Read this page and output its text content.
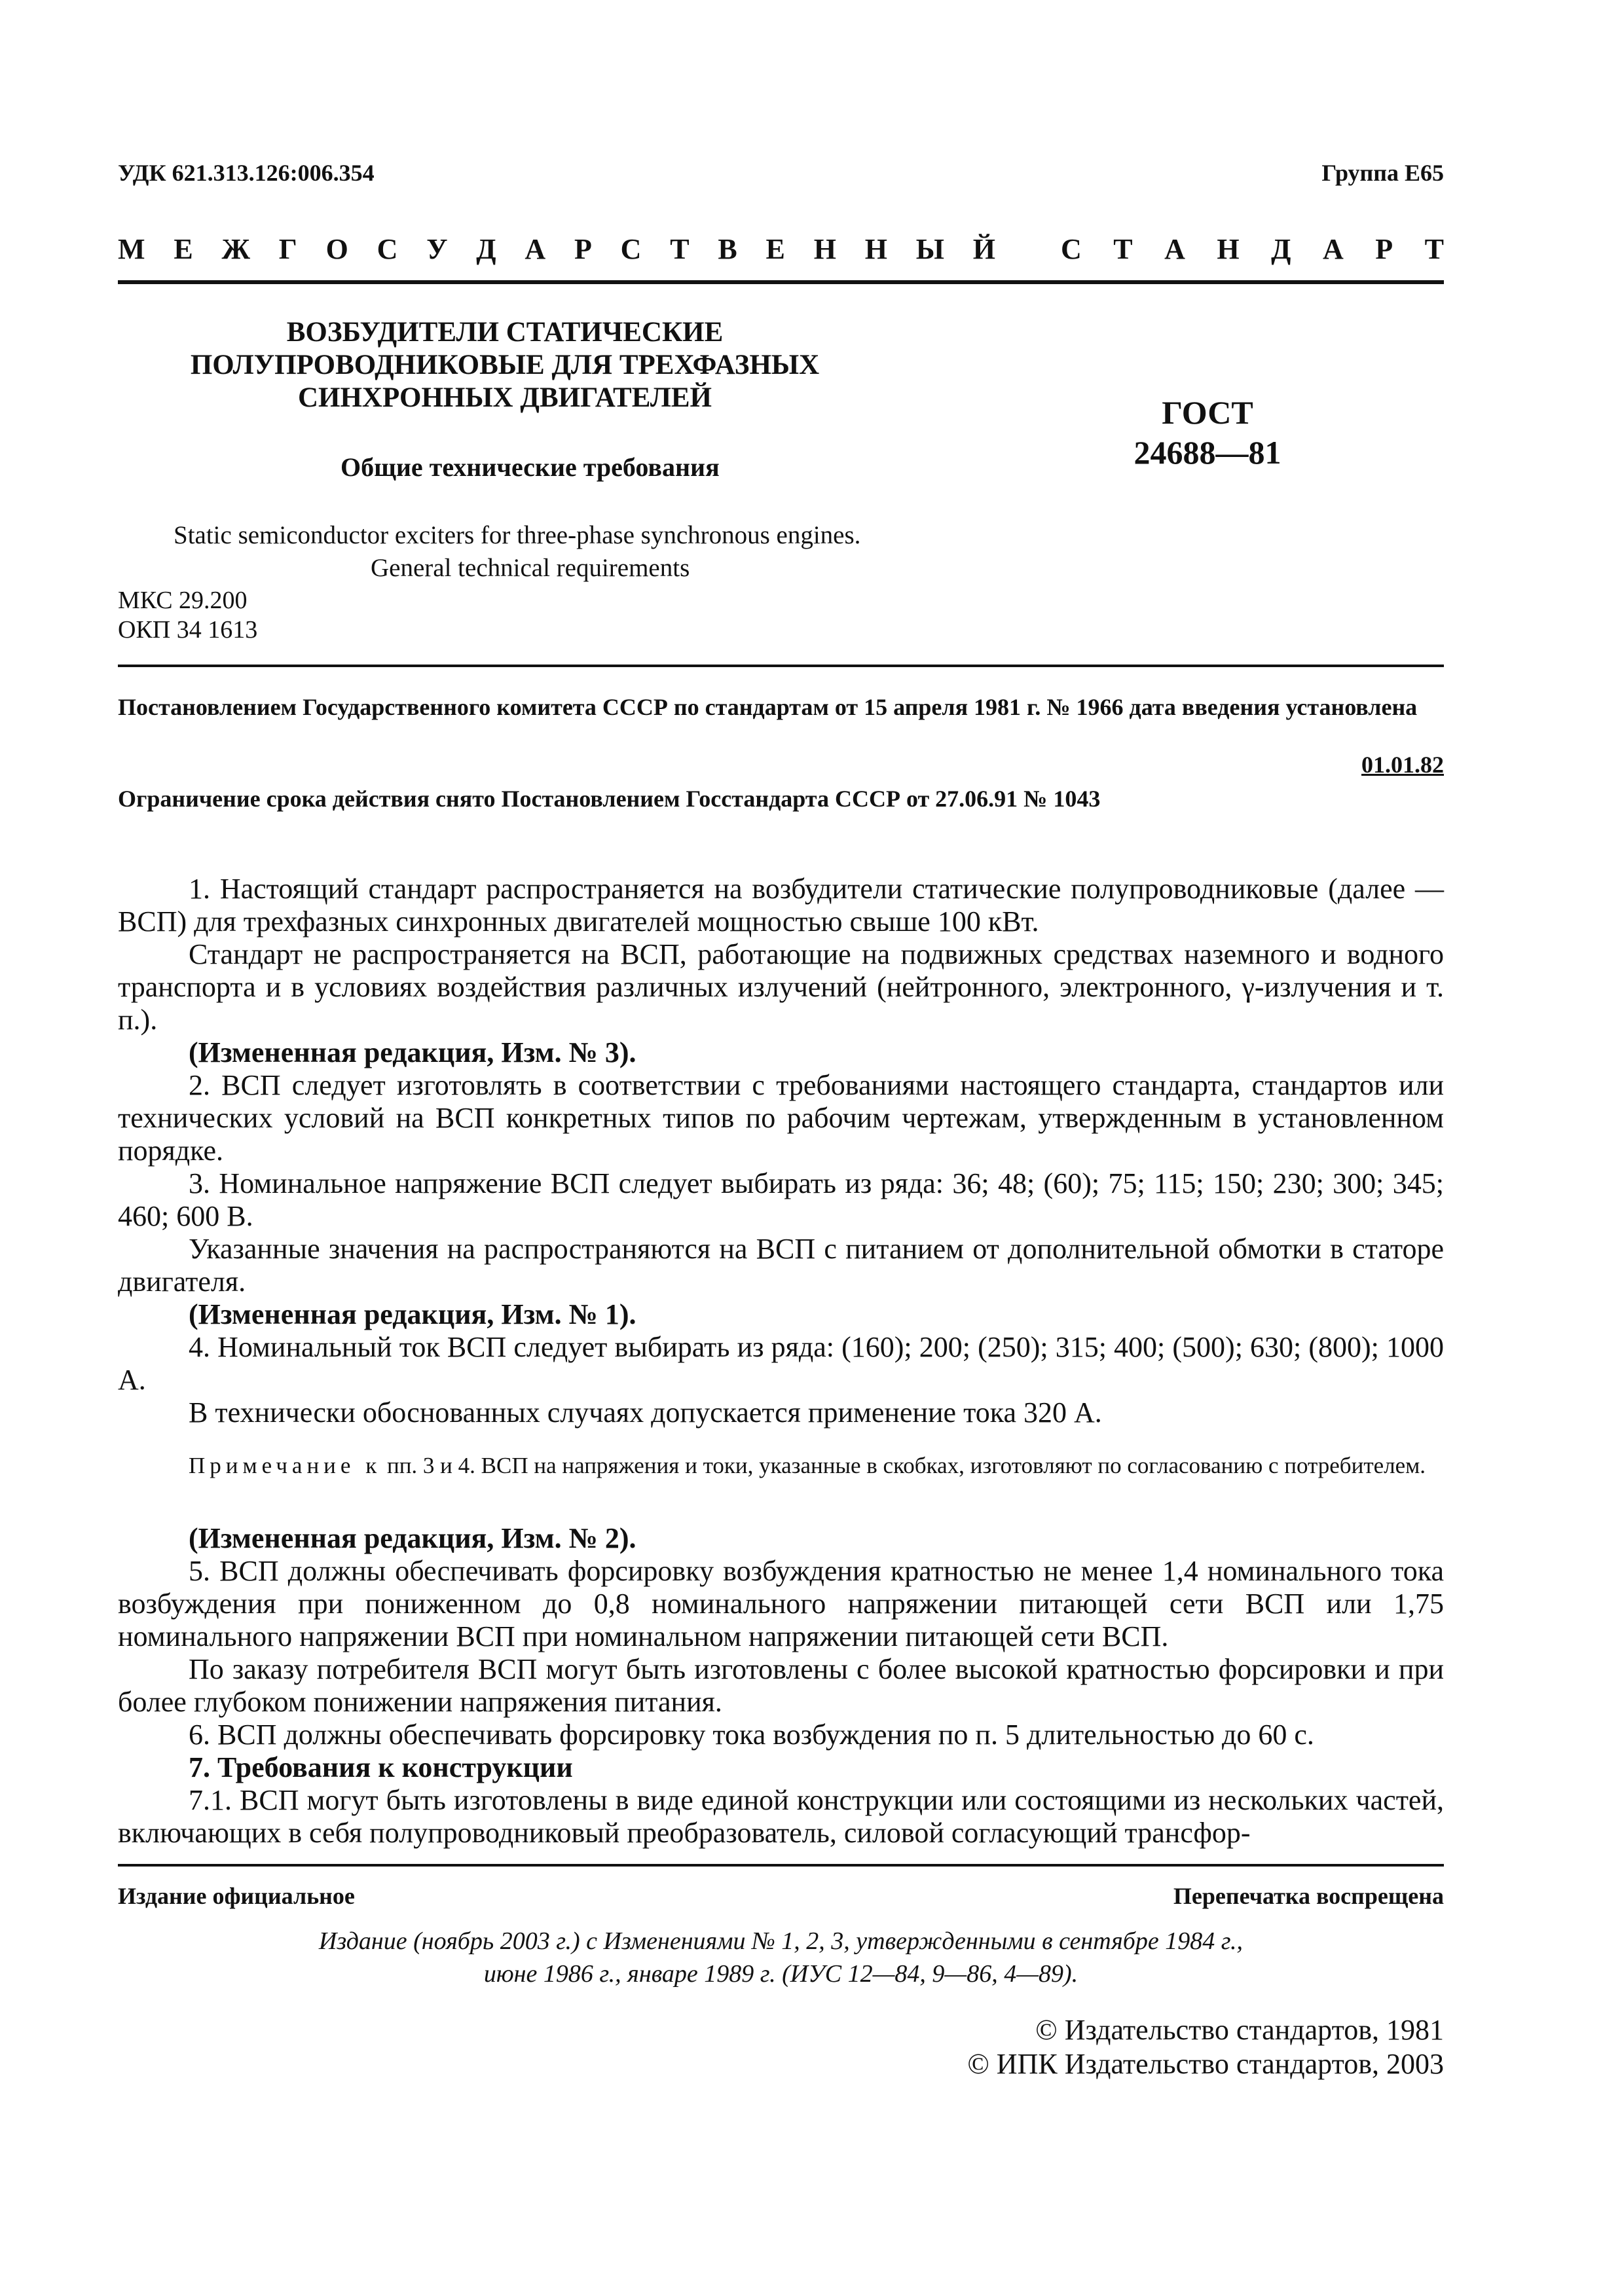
УДК 621.313.126:006.354	Группа Е65
М Е Ж Г О С У Д А Р С Т В Е Н Н Ы Й С Т А Н Д А Р Т
ВОЗБУДИТЕЛИ СТАТИЧЕСКИЕ
ПОЛУПРОВОДНИКОВЫЕ ДЛЯ ТРЕХФАЗНЫХ
СИНХРОННЫХ ДВИГАТЕЛЕЙ
Общие технические требования
ГОСТ
24688—81
Static semiconductor exciters for three-phase synchronous engines.
General technical requirements
МКС 29.200
ОКП 34 1613
Постановлением Государственного комитета СССР по стандартам от 15 апреля 1981 г. № 1966 дата введения установлена
01.01.82
Ограничение срока действия снято Постановлением Госстандарта СССР от 27.06.91 № 1043

1. Настоящий стандарт распространяется на возбудители статические полупроводниковые (далее — ВСП) для трехфазных синхронных двигателей мощностью свыше 100 кВт.

Стандарт не распространяется на ВСП, работающие на подвижных средствах наземного и водного транспорта и в условиях воздействия различных излучений (нейтронного, электронного, γ-излучения и т. п.).

(Измененная редакция, Изм. № 3).

2. ВСП следует изготовлять в соответствии с требованиями настоящего стандарта, стандартов или технических условий на ВСП конкретных типов по рабочим чертежам, утвержденным в установленном порядке.

3. Номинальное напряжение ВСП следует выбирать из ряда: 36; 48; (60); 75; 115; 150; 230; 300; 345; 460; 600 В.

Указанные значения на распространяются на ВСП с питанием от дополнительной обмотки в статоре двигателя.

(Измененная редакция, Изм. № 1).

4. Номинальный ток ВСП следует выбирать из ряда: (160); 200; (250); 315; 400; (500); 630; (800); 1000 А.

В технически обоснованных случаях допускается применение тока 320 А.

Примечание к пп. 3 и 4. ВСП на напряжения и токи, указанные в скобках, изготовляют по согласованию с потребителем.

(Измененная редакция, Изм. № 2).

5. ВСП должны обеспечивать форсировку возбуждения кратностью не менее 1,4 номинального тока возбуждения при пониженном до 0,8 номинального напряжении питающей сети ВСП или 1,75 номинального напряжении ВСП при номинальном напряжении питающей сети ВСП.

По заказу потребителя ВСП могут быть изготовлены с более высокой кратностью форсировки и при более глубоком понижении напряжения питания.

6. ВСП должны обеспечивать форсировку тока возбуждения по п. 5 длительностью до 60 с.

7. Требования к конструкции

7.1. ВСП могут быть изготовлены в виде единой конструкции или состоящими из нескольких частей, включающих в себя полупроводниковый преобразователь, силовой согласующий трансфор-

Издание официальное	Перепечатка воспрещена
Издание (ноябрь 2003 г.) с Изменениями № 1, 2, 3, утвержденными в сентябре 1984 г.,
июне 1986 г., январе 1989 г. (ИУС 12—84, 9—86, 4—89).
© Издательство стандартов, 1981
© ИПК Издательство стандартов, 2003
